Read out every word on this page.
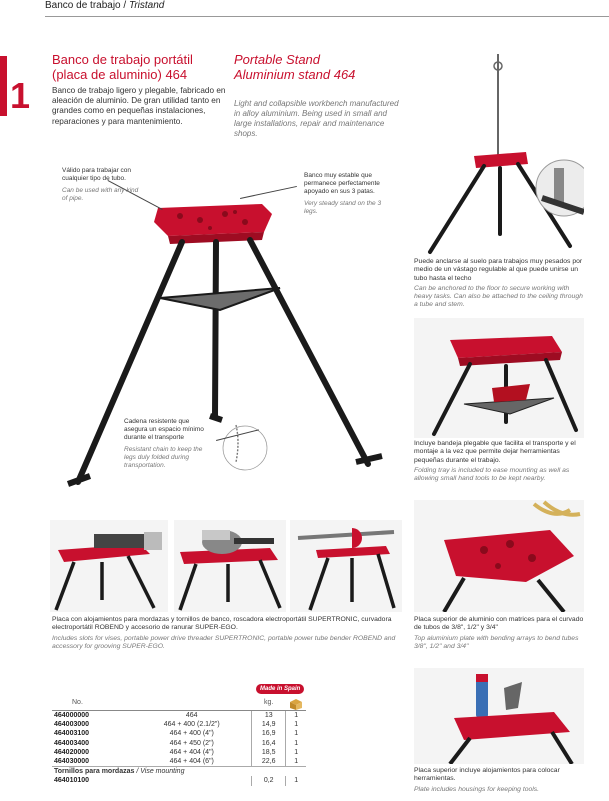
Banco de trabajo / Tristand
1
Banco de trabajo portátil
(placa de aluminio) 464
Portable Stand
Aluminium stand 464
Banco de trabajo ligero y plegable, fabricado en aleación de aluminio. De gran utilidad tanto en grandes como en pequeñas instalaciones, reparaciones y para mantenimiento.
Light and collapsible workbench manufactured in alloy aluminium. Being used in small and large installations, repair and maintenance shops.
Válido para trabajar con cualquier tipo de tubo.
Can be used with any kind of pipe.
Banco muy estable que permanece perfectamente apoyado en sus 3 patas.
Very steady stand on the 3 legs.
Cadena resistente que asegura un espacio mínimo durante el transporte
Resistant chain to keep the legs duly folded during transportation.
Puede anclarse al suelo para trabajos muy pesados por medio de un vástago regulable al que puede unirse un tubo hasta el techo
Can be anchored to the floor to secure working with heavy tasks. Can also be attached to the ceiling through a tube and stem.
Incluye bandeja plegable que facilita el transporte y el montaje a la vez que permite dejar herramientas pequeñas durante el trabajo.
Folding tray is included to ease mounting as well as allowing small hand tools to be kept nearby.
Placa con alojamientos para mordazas y tornillos de banco, roscadora electroportátil SUPERTRONIC, curvadora electroportátil ROBEND y accesorio de ranurar SUPER-EGO.
Includes slots for vises, portable power drive threader SUPERTRONIC, portable power tube bender ROBEND and accessory for grooving SUPER-EGO.
Placa superior de aluminio con matrices para el curvado de tubos de 3/8", 1/2" y 3/4"
Top aluminium plate with bending arrays to bend tubes 3/8", 1/2" and 3/4"
Placa superior incluye alojamientos para colocar herramientas.
Plate includes housings for keeping tools.
Made in Spain
No.		kg.	
464000000	464	13	1
464003000	464 + 400 (2.1/2")	14,9	1
464003100	464 + 400 (4")	16,9	1
464003400	464 + 450 (2")	16,4	1
464020000	464 + 404 (4")	18,5	1
464030000	464 + 404 (6")	22,6	1
Tornillos para mordazas / Vise mounting			
464010100		0,2	1
